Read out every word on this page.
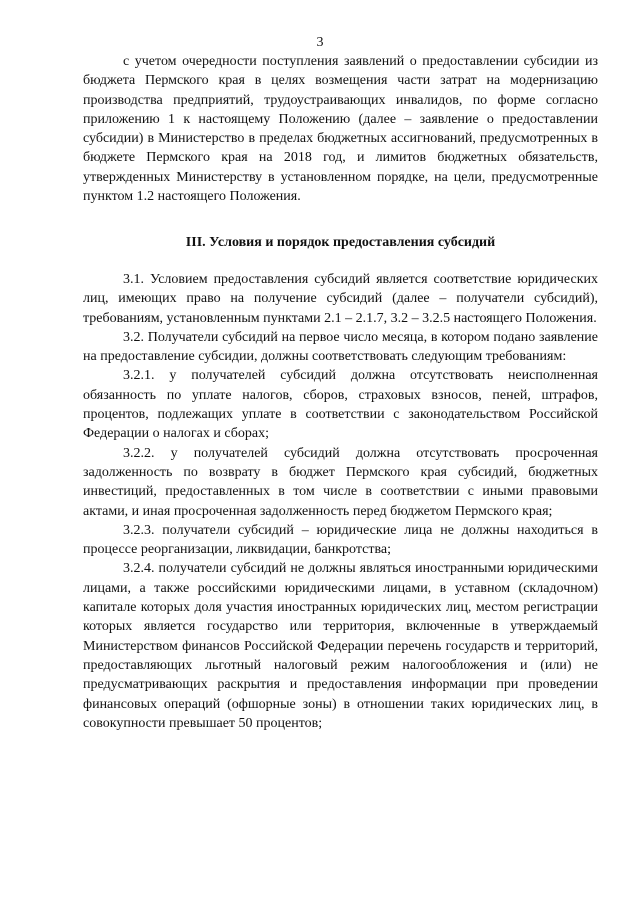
3

с учетом очередности поступления заявлений о предоставлении субсидии из бюджета Пермского края в целях возмещения части затрат на модернизацию производства предприятий, трудоустраивающих инвалидов, по форме согласно приложению 1 к настоящему Положению (далее – заявление о предоставлении субсидии) в Министерство в пределах бюджетных ассигнований, предусмотренных в бюджете Пермского края на 2018 год, и лимитов бюджетных обязательств, утвержденных Министерству в установленном порядке, на цели, предусмотренные пунктом 1.2 настоящего Положения.

III. Условия и порядок предоставления субсидий

3.1. Условием предоставления субсидий является соответствие юридических лиц, имеющих право на получение субсидий (далее – получатели субсидий), требованиям, установленным пунктами 2.1 – 2.1.7, 3.2 – 3.2.5 настоящего Положения.

3.2. Получатели субсидий на первое число месяца, в котором подано заявление на предоставление субсидии, должны соответствовать следующим требованиям:

3.2.1. у получателей субсидий должна отсутствовать неисполненная обязанность по уплате налогов, сборов, страховых взносов, пеней, штрафов, процентов, подлежащих уплате в соответствии с законодательством Российской Федерации о налогах и сборах;

3.2.2. у получателей субсидий должна отсутствовать просроченная задолженность по возврату в бюджет Пермского края субсидий, бюджетных инвестиций, предоставленных в том числе в соответствии с иными правовыми актами, и иная просроченная задолженность перед бюджетом Пермского края;

3.2.3. получатели субсидий – юридические лица не должны находиться в процессе реорганизации, ликвидации, банкротства;

3.2.4. получатели субсидий не должны являться иностранными юридическими лицами, а также российскими юридическими лицами, в уставном (складочном) капитале которых доля участия иностранных юридических лиц, местом регистрации которых является государство или территория, включенные в утверждаемый Министерством финансов Российской Федерации перечень государств и территорий, предоставляющих льготный налоговый режим налогообложения и (или) не предусматривающих раскрытия и предоставления информации при проведении финансовых операций (офшорные зоны) в отношении таких юридических лиц, в совокупности превышает 50 процентов;
